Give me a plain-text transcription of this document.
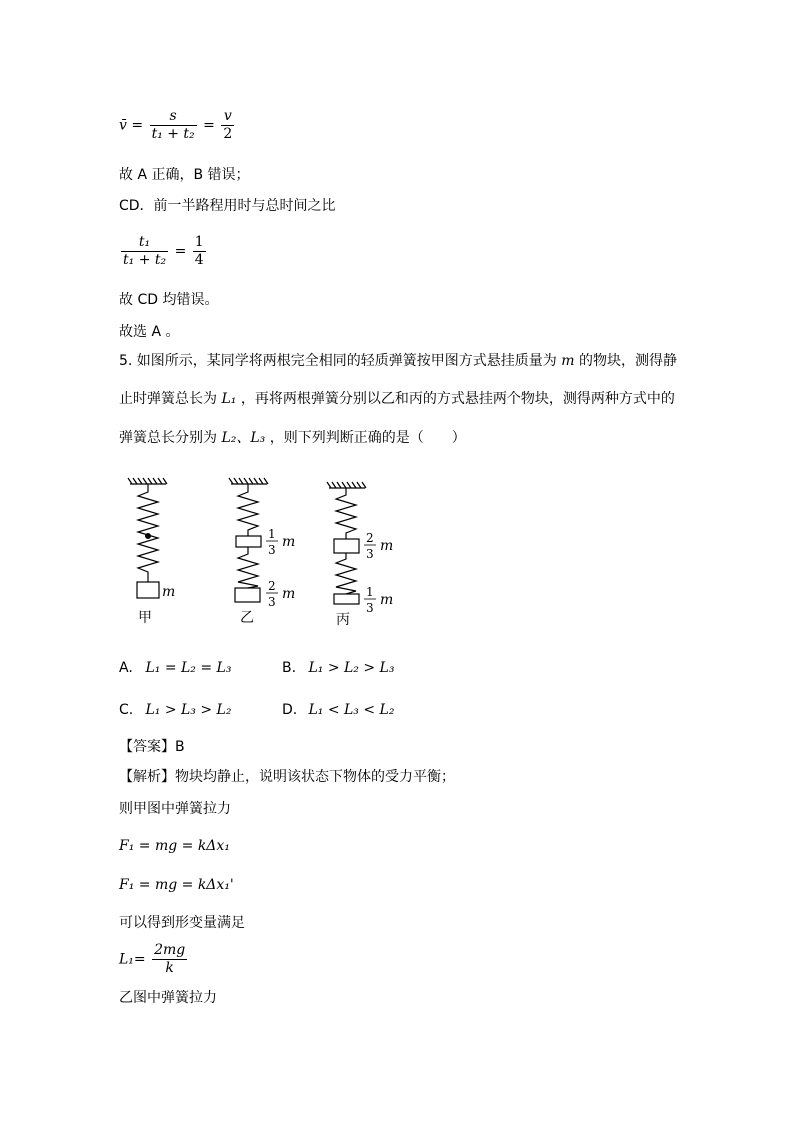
v̄ = $\frac{s}{\text{t₁ + t₂}} = \frac{v}{2}$
故 A 正确，B 错误；
CD．前一半路程用时与总时间之比
$\frac{\text{t₁}}{\text{t₁ + t₂}} = \frac{1}{4}$
故 CD 均错误。
故选 A 。
5. 如图所示，某同学将两根完全相同的轻质弹簧按甲图方式悬挂质量为 m 的物块，测得静
止时弹簧总长为 L₁ ，再将两根弹簧分别以乙和丙的方式悬挂两个物块，测得两种方式中的
弹簧总长分别为 L₂、L₃ ，则下列判断正确的是（　　）
m
甲
1
3 m
2
3 m
乙
2
3 m
1
3 m
丙
A. L₁ = L₂ = L₃	B. L₁ > L₂ > L₃
C. L₁ > L₃ > L₂	D. L₁ < L₃ < L₂
【答案】B
【解析】物块均静止，说明该状态下物体的受力平衡；
则甲图中弹簧拉力
F₁ = mg = kΔx₁
F₁ = mg = kΔx₁'
可以得到形变量满足
$L_1= \frac{2mg}{k}$
乙图中弹簧拉力
